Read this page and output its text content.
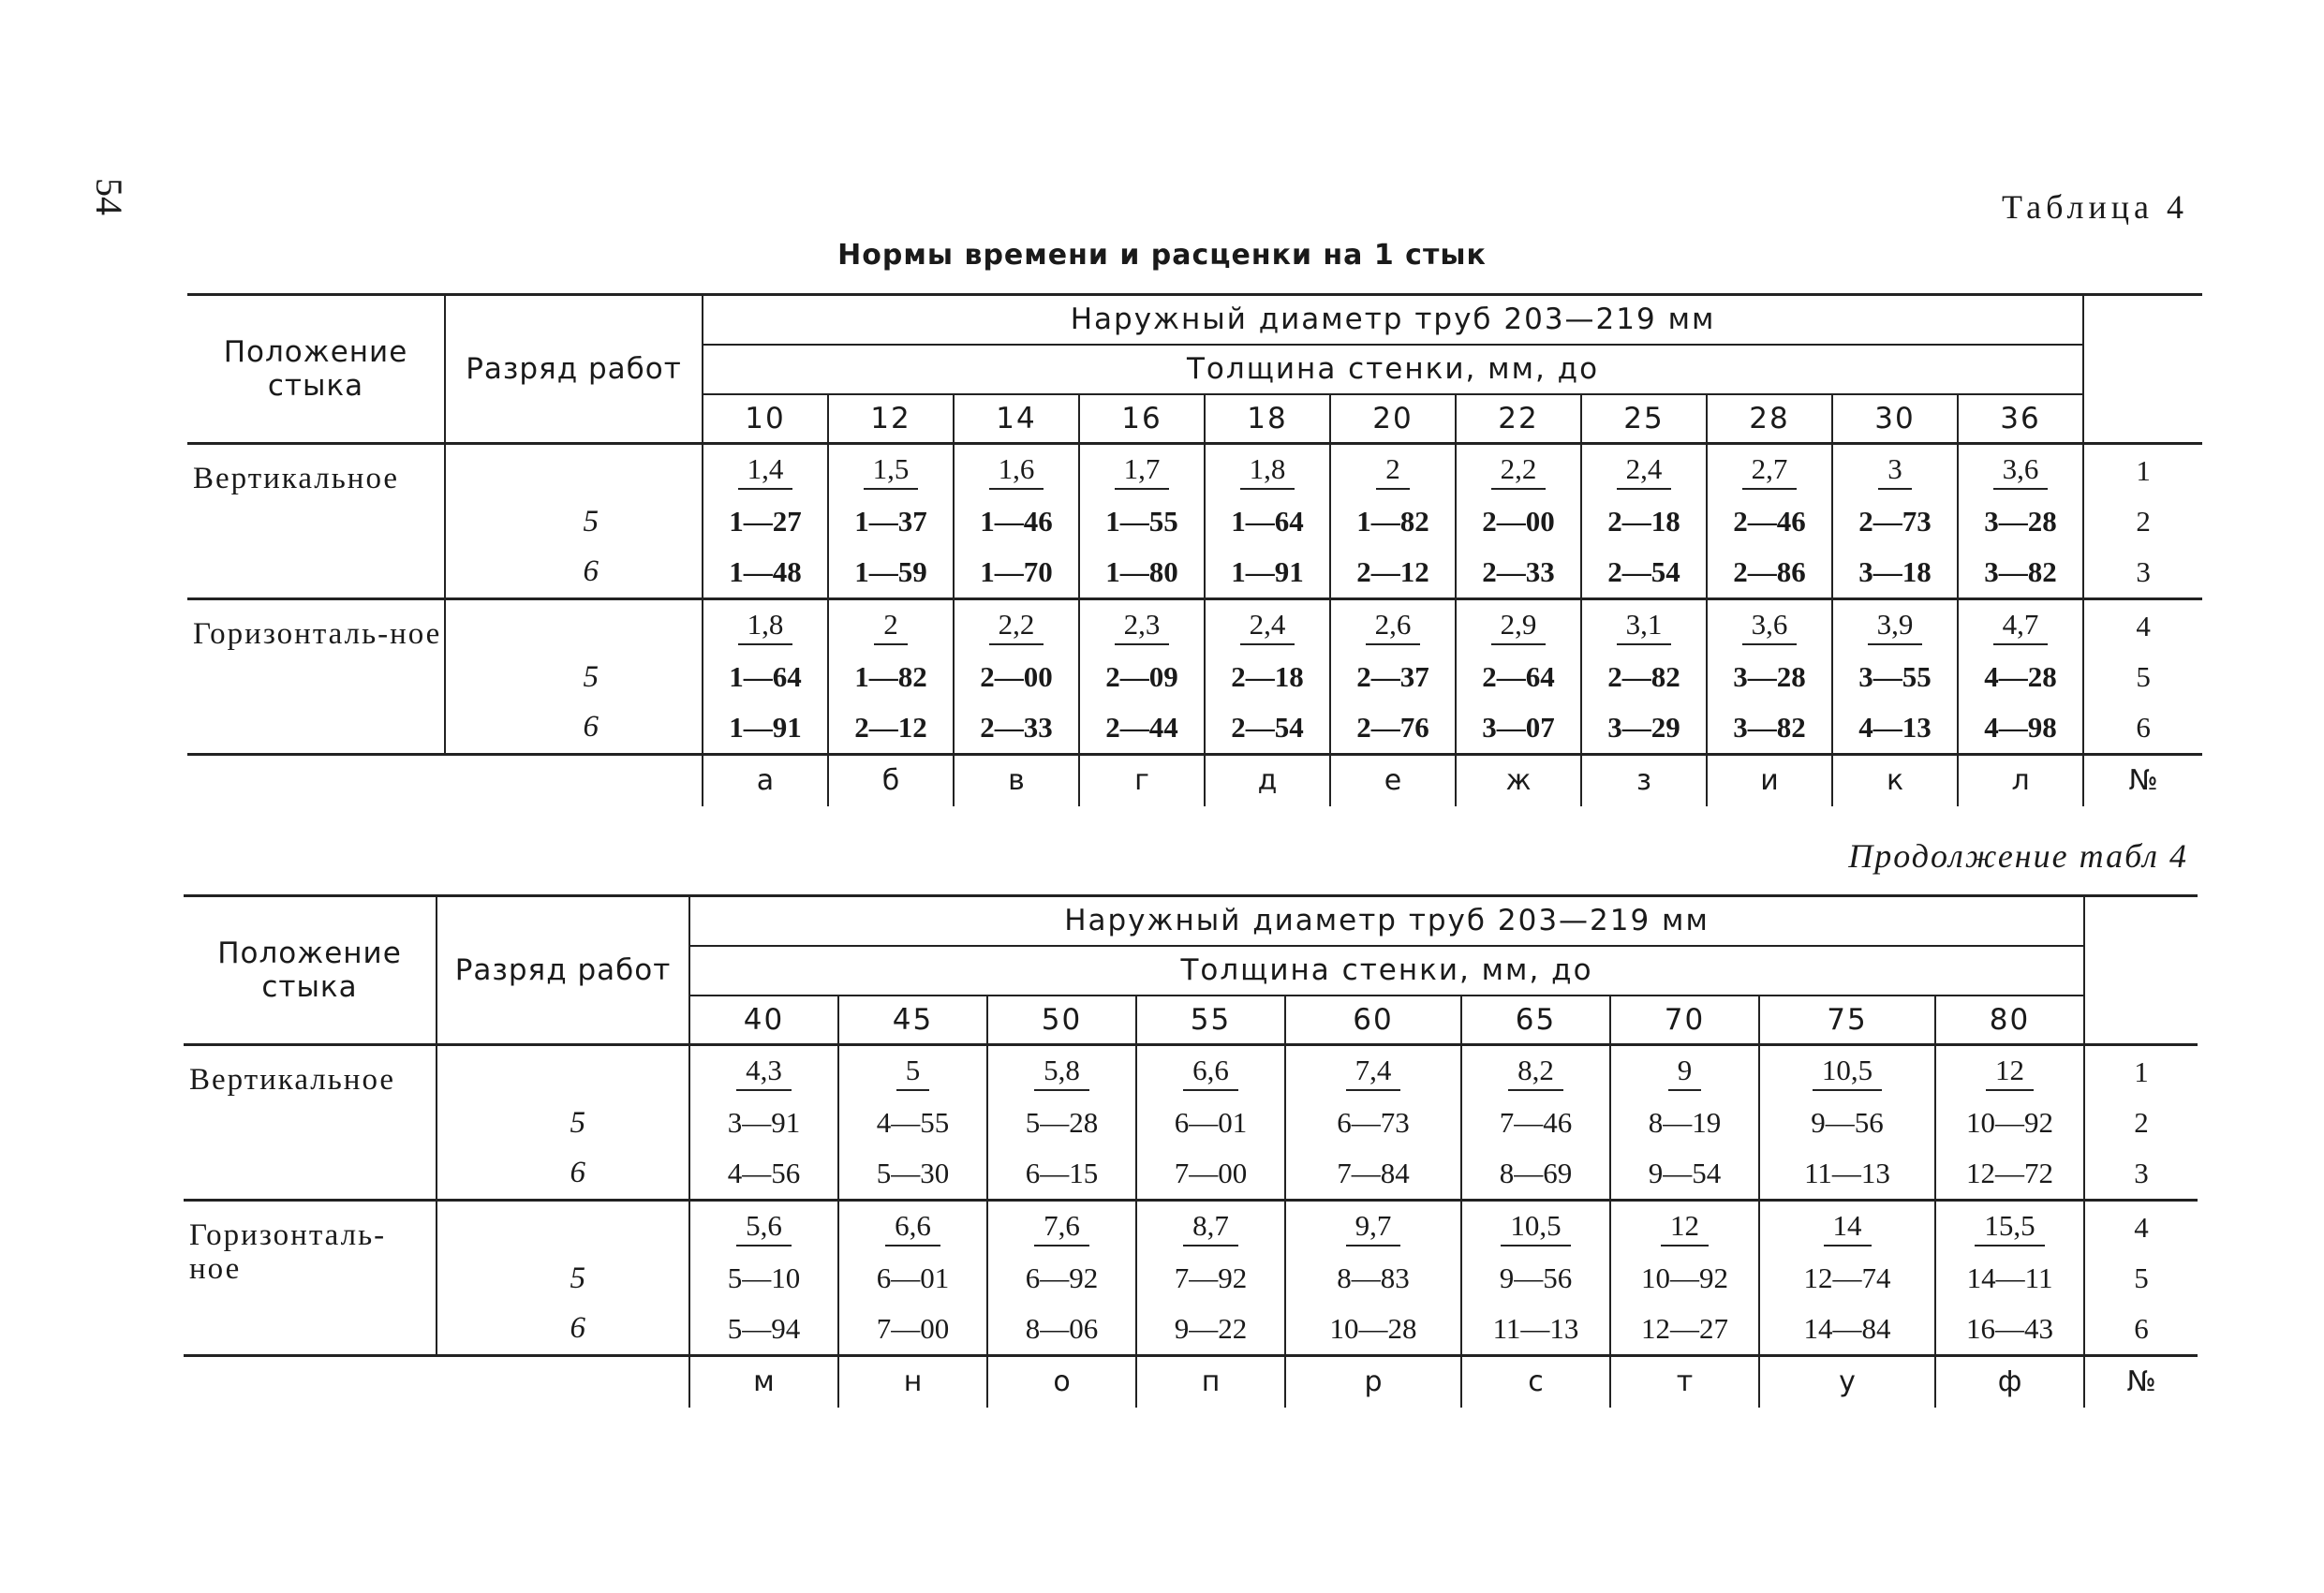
54	Таблица 4
Нормы времени и расценки на 1 стык
Положение стыка	Разряд работ	Наружный диаметр труб 203—219 мм											
		Толщина стенки, мм, до											
		10	12	14	16	18	20	22	25	28	30	36	
Вертикальное		1,4	1,5	1,6	1,7	1,8	2	2,2	2,4	2,7	3	3,6	1
	5	1—27	1—37	1—46	1—55	1—64	1—82	2—00	2—18	2—46	2—73	3—28	2
	6	1—48	1—59	1—70	1—80	1—91	2—12	2—33	2—54	2—86	3—18	3—82	3
Горизонталь-ное		1,8	2	2,2	2,3	2,4	2,6	2,9	3,1	3,6	3,9	4,7	4
	5	1—64	1—82	2—00	2—09	2—18	2—37	2—64	2—82	3—28	3—55	4—28	5
	6	1—91	2—12	2—33	2—44	2—54	2—76	3—07	3—29	3—82	4—13	4—98	6
		а	б	в	г	д	е	ж	з	и	к	л	№
Продолжение табл 4
Положение стыка	Разряд работ	Наружный диаметр труб 203—219 мм									
		Толщина стенки, мм, до									
		40	45	50	55	60	65	70	75	80	
Вертикальное		4,3	5	5,8	6,6	7,4	8,2	9	10,5	12	1
	5	3—91	4—55	5—28	6—01	6—73	7—46	8—19	9—56	10—92	2
	6	4—56	5—30	6—15	7—00	7—84	8—69	9—54	11—13	12—72	3
Горизонталь-ное		5,6	6,6	7,6	8,7	9,7	10,5	12	14	15,5	4
	5	5—10	6—01	6—92	7—92	8—83	9—56	10—92	12—74	14—11	5
	6	5—94	7—00	8—06	9—22	10—28	11—13	12—27	14—84	16—43	6
		м	н	о	п	р	с	т	у	ф	№
